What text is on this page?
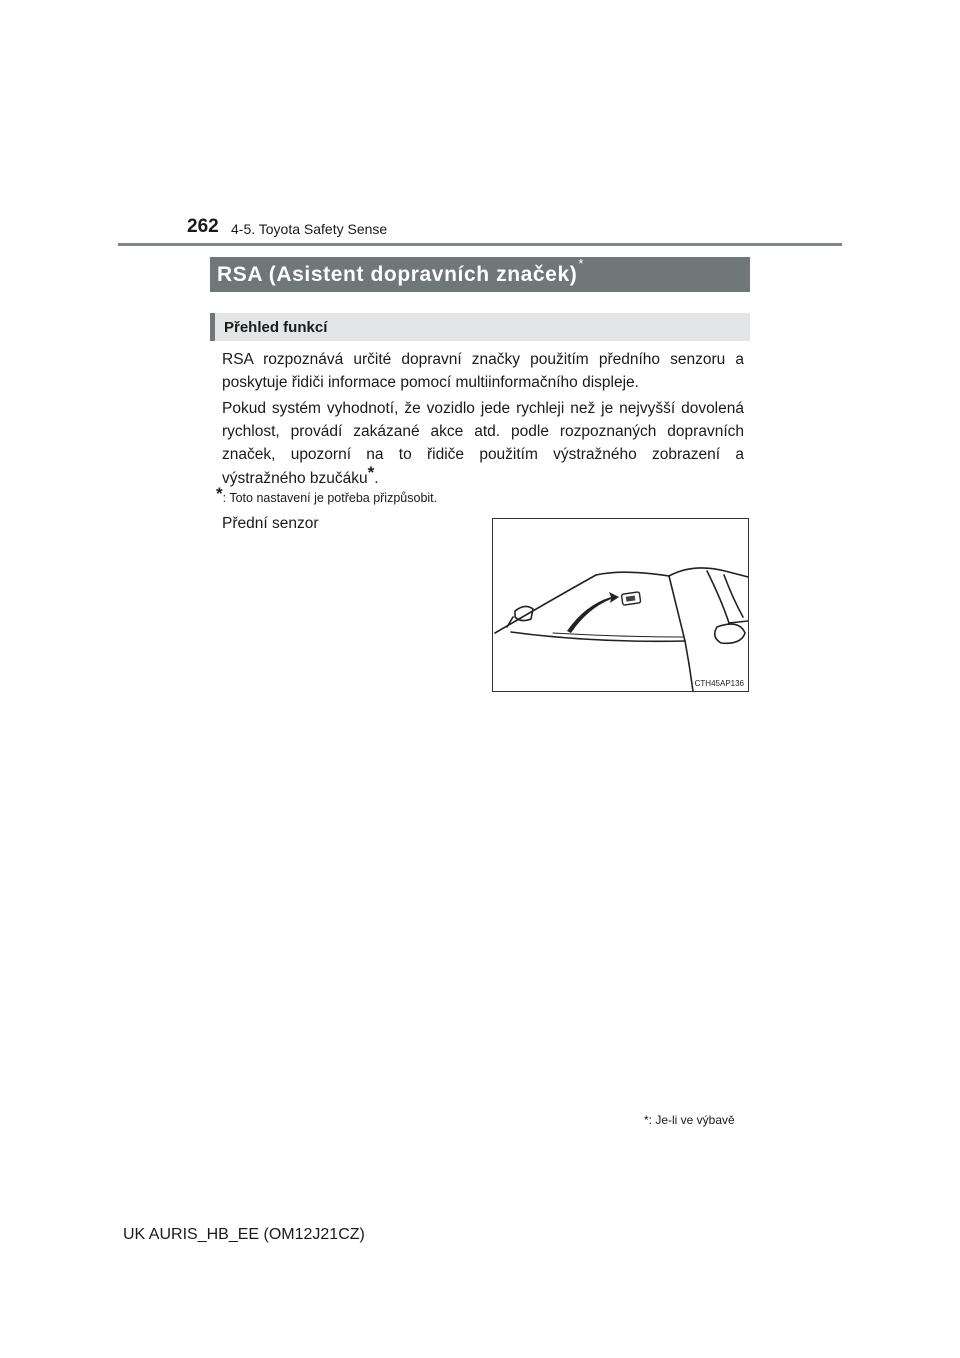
262 4-5. Toyota Safety Sense
RSA (Asistent dopravních značek)*
Přehled funkcí
RSA rozpoznává určité dopravní značky použitím předního senzoru a poskytuje řidiči informace pomocí multiinformačního displeje.
Pokud systém vyhodnotí, že vozidlo jede rychleji než je nejvyšší dovolená rychlost, provádí zakázané akce atd. podle rozpoznaných dopravních značek, upozorní na to řidiče použitím výstražného zobrazení a výstražného bzučáku*.
*: Toto nastavení je potřeba přizpůsobit.
Přední senzor
CTH45AP136
*: Je-li ve výbavě
UK AURIS_HB_EE (OM12J21CZ)
